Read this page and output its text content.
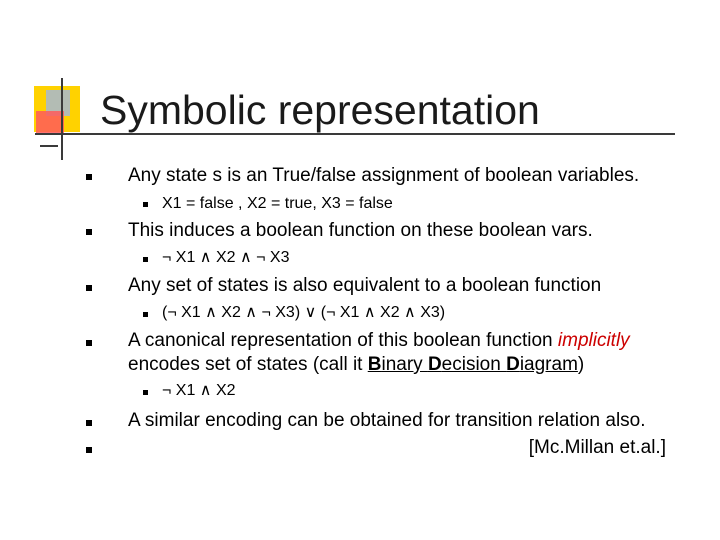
Symbolic representation
Any state s is an True/false assignment of boolean variables.
X1 = false , X2 = true, X3 = false
This induces a boolean function on these boolean vars.
¬ X1 ∧ X2 ∧ ¬ X3
Any set of states is also equivalent to a boolean function
(¬ X1 ∧ X2 ∧ ¬ X3) ∨ (¬ X1 ∧ X2 ∧ X3)
A canonical representation of this boolean function implicitly
encodes set of states (call it Binary Decision Diagram)
¬ X1 ∧ X2
A similar encoding can be obtained for transition relation also.
[Mc.Millan et.al.]
